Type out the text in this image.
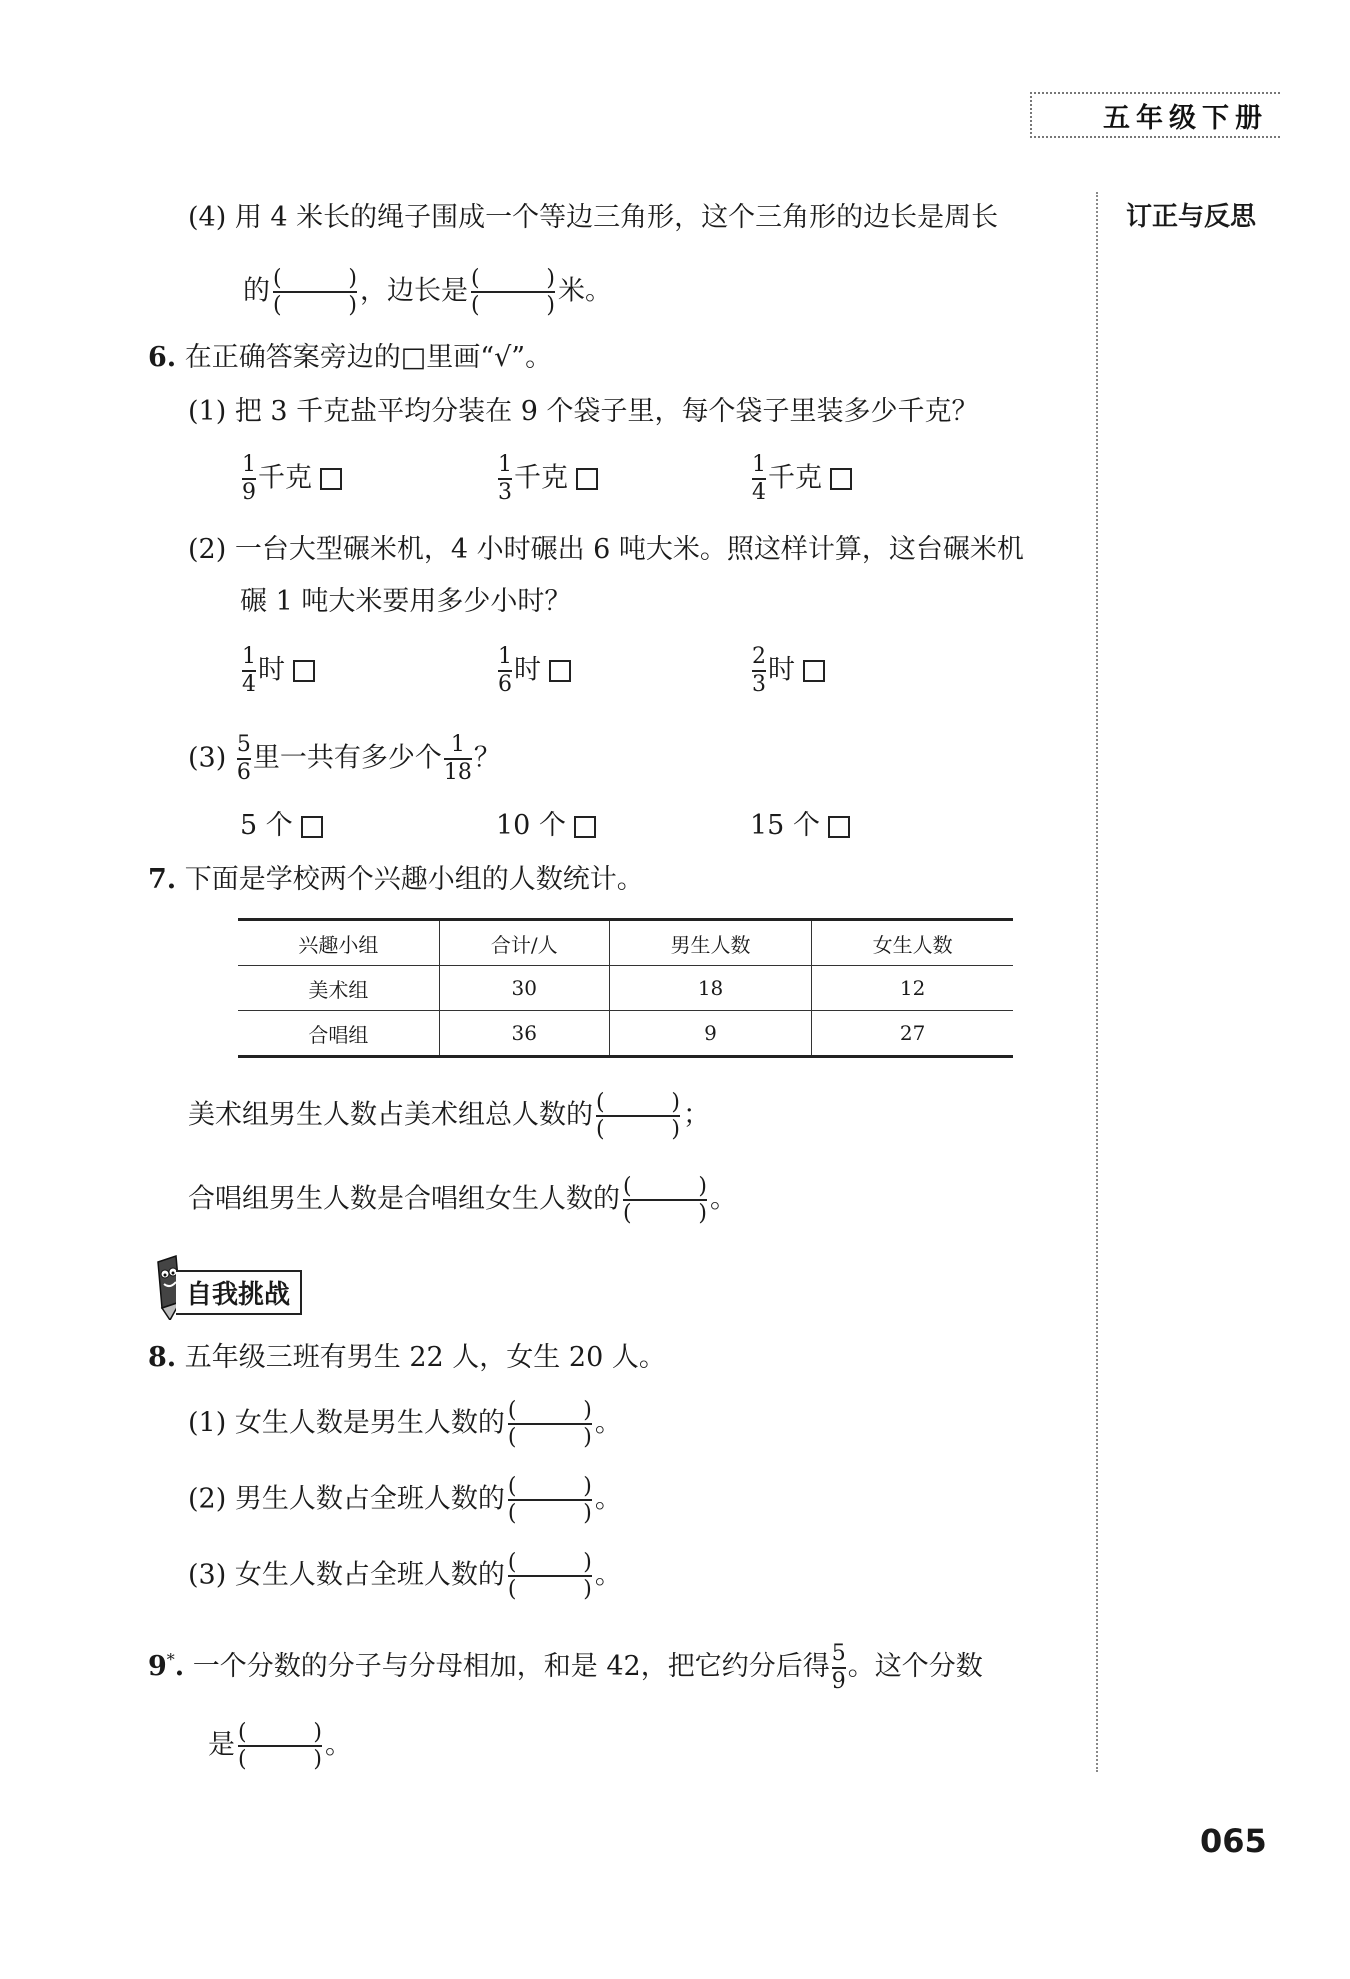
五年级下册
订正与反思
(4) 用 4 米长的绳子围成一个等边三角形，这个三角形的边长是周长
的 (	)
(	) ，边长是 (	)
(	) 米。
6. 在正确答案旁边的□里画“√”。
(1) 把 3 千克盐平均分装在 9 个袋子里，每个袋子里装多少千克？
$\frac{1}{9}$ 千克	$\frac{1}{3}$ 千克	$\frac{1}{4}$ 千克
(2) 一台大型碾米机，4 小时碾出 6 吨大米。照这样计算，这台碾米机
碾 1 吨大米要用多少小时？
$\frac{1}{4}$ 时	$\frac{1}{6}$ 时	$\frac{2}{3}$ 时
$(3) \frac{5}{6}$ 里一共有多少个 $\frac{1}{18}$ ？
5 个	10 个	15 个
7. 下面是学校两个兴趣小组的人数统计。
兴趣小组	合计/人	男生人数	女生人数
美术组	30	18	12
合唱组	36	9	27
美术组男生人数占美术组总人数的 (	)
(	) ；
合唱组男生人数是合唱组女生人数的 (	)
(	) 。
自我挑战
8. 五年级三班有男生 22 人，女生 20 人。
(1) 女生人数是男生人数的 (	)
(	) 。
(2) 男生人数占全班人数的 (	)
(	) 。
(3) 女生人数占全班人数的 (	)
(	) 。
9*. 一个分数的分子与分母相加，和是 42，把它约分后得 $\frac{5}{9}$ 。这个分数
是 (	)
(	) 。
065
